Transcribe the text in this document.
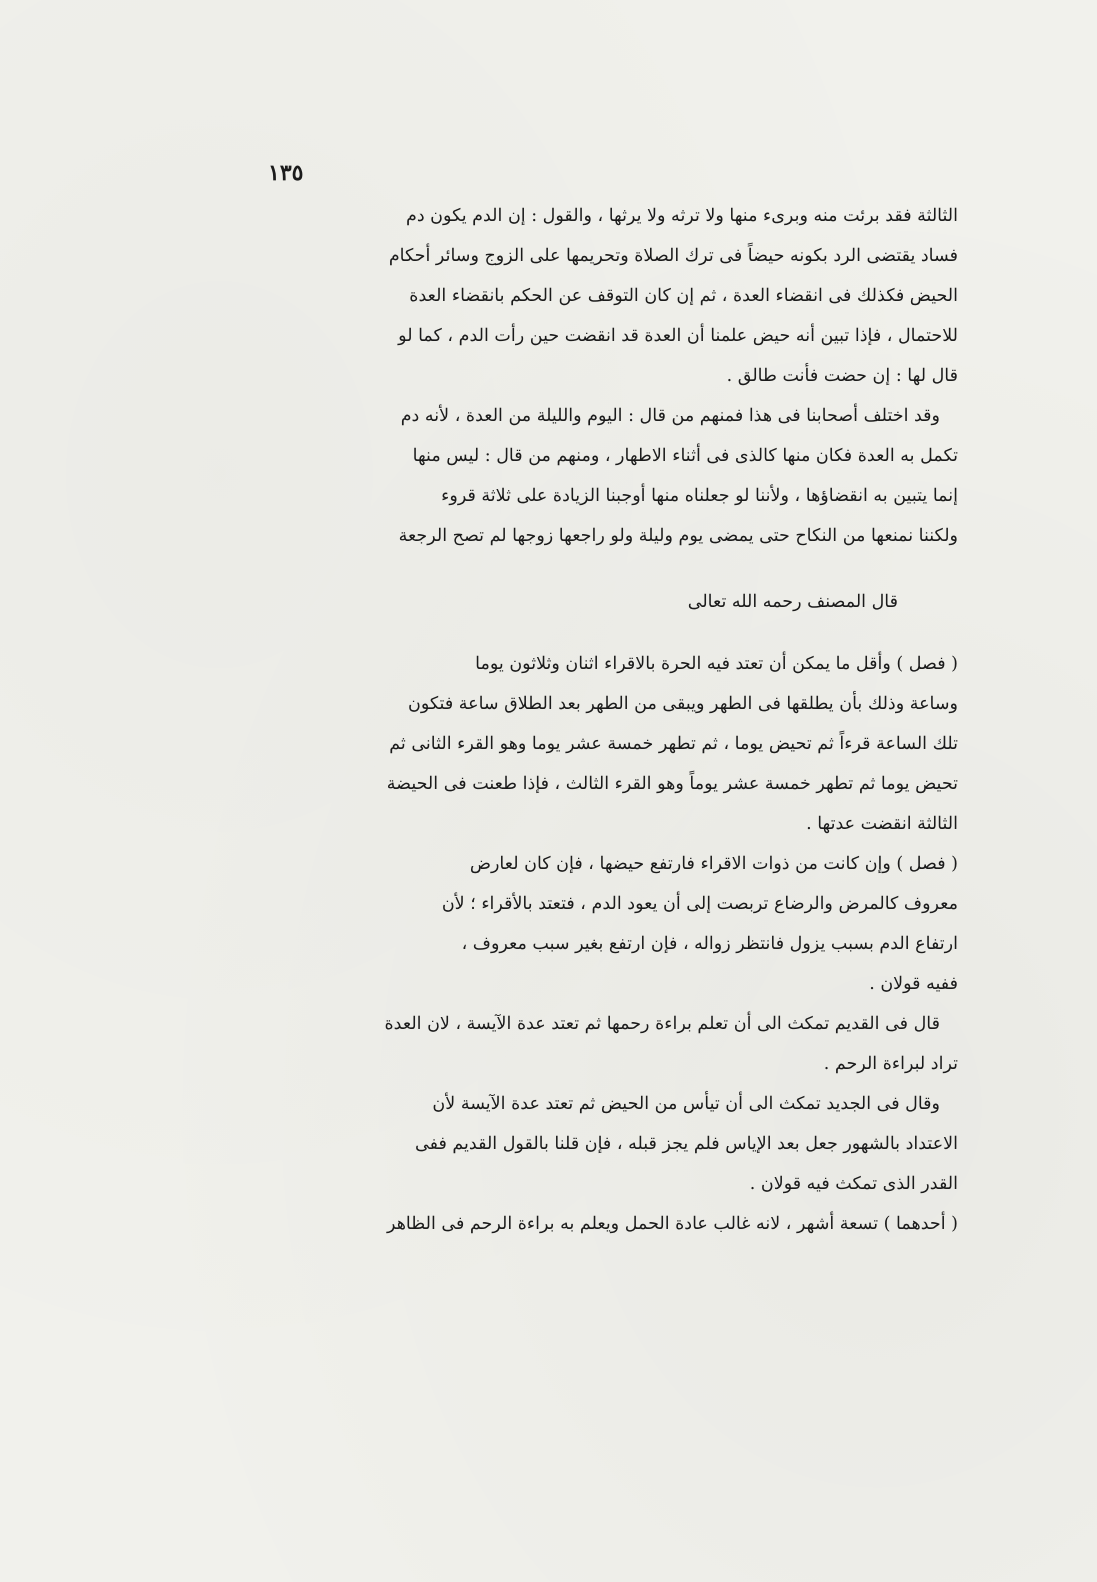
١٣٥
الثالثة فقد برئت منه وبرىء منها ولا ترثه ولا يرثها ، والقول : إن الدم يكون دم
فساد يقتضى الرد بكونه حيضاً فى ترك الصلاة وتحريمها على الزوج وسائر أحكام
الحيض فكذلك فى انقضاء العدة ، ثم إن كان التوقف عن الحكم بانقضاء العدة
للاحتمال ، فإذا تبين أنه حيض علمنا أن العدة قد انقضت حين رأت الدم ، كما لو
قال لها : إن حضت فأنت طالق .
وقد اختلف أصحابنا فى هذا فمنهم من قال : اليوم والليلة من العدة ، لأنه دم
تكمل به العدة فكان منها كالذى فى أثناء الاطهار ، ومنهم من قال : ليس منها
إنما يتبين به انقضاؤها ، ولأننا لو جعلناه منها أوجبنا الزيادة على ثلاثة قروء
ولكننا نمنعها من النكاح حتى يمضى يوم وليلة ولو راجعها زوجها لم تصح الرجعة
قال المصنف رحمه الله تعالى
( فصل ) وأقل ما يمكن أن تعتد فيه الحرة بالاقراء اثنان وثلاثون يوما
وساعة وذلك بأن يطلقها فى الطهر ويبقى من الطهر بعد الطلاق ساعة فتكون
تلك الساعة قرءاً ثم تحيض يوما ، ثم تطهر خمسة عشر يوما وهو القرء الثانى ثم
تحيض يوما ثم تطهر خمسة عشر يوماً وهو القرء الثالث ، فإذا طعنت فى الحيضة
الثالثة انقضت عدتها .
( فصل ) وإن كانت من ذوات الاقراء فارتفع حيضها ، فإن كان لعارض
معروف كالمرض والرضاع تربصت إلى أن يعود الدم ، فتعتد بالأقراء ؛ لأن
ارتفاع الدم بسبب يزول فانتظر زواله ، فإن ارتفع بغير سبب معروف ،
ففيه قولان .
قال فى القديم تمكث الى أن تعلم براءة رحمها ثم تعتد عدة الآيسة ، لان العدة
تراد لبراءة الرحم .
وقال فى الجديد تمكث الى أن تيأس من الحيض ثم تعتد عدة الآيسة لأن
الاعتداد بالشهور جعل بعد الإياس فلم يجز قبله ، فإن قلنا بالقول القديم ففى
القدر الذى تمكث فيه قولان .
( أحدهما ) تسعة أشهر ، لانه غالب عادة الحمل ويعلم به براءة الرحم فى الظاهر
